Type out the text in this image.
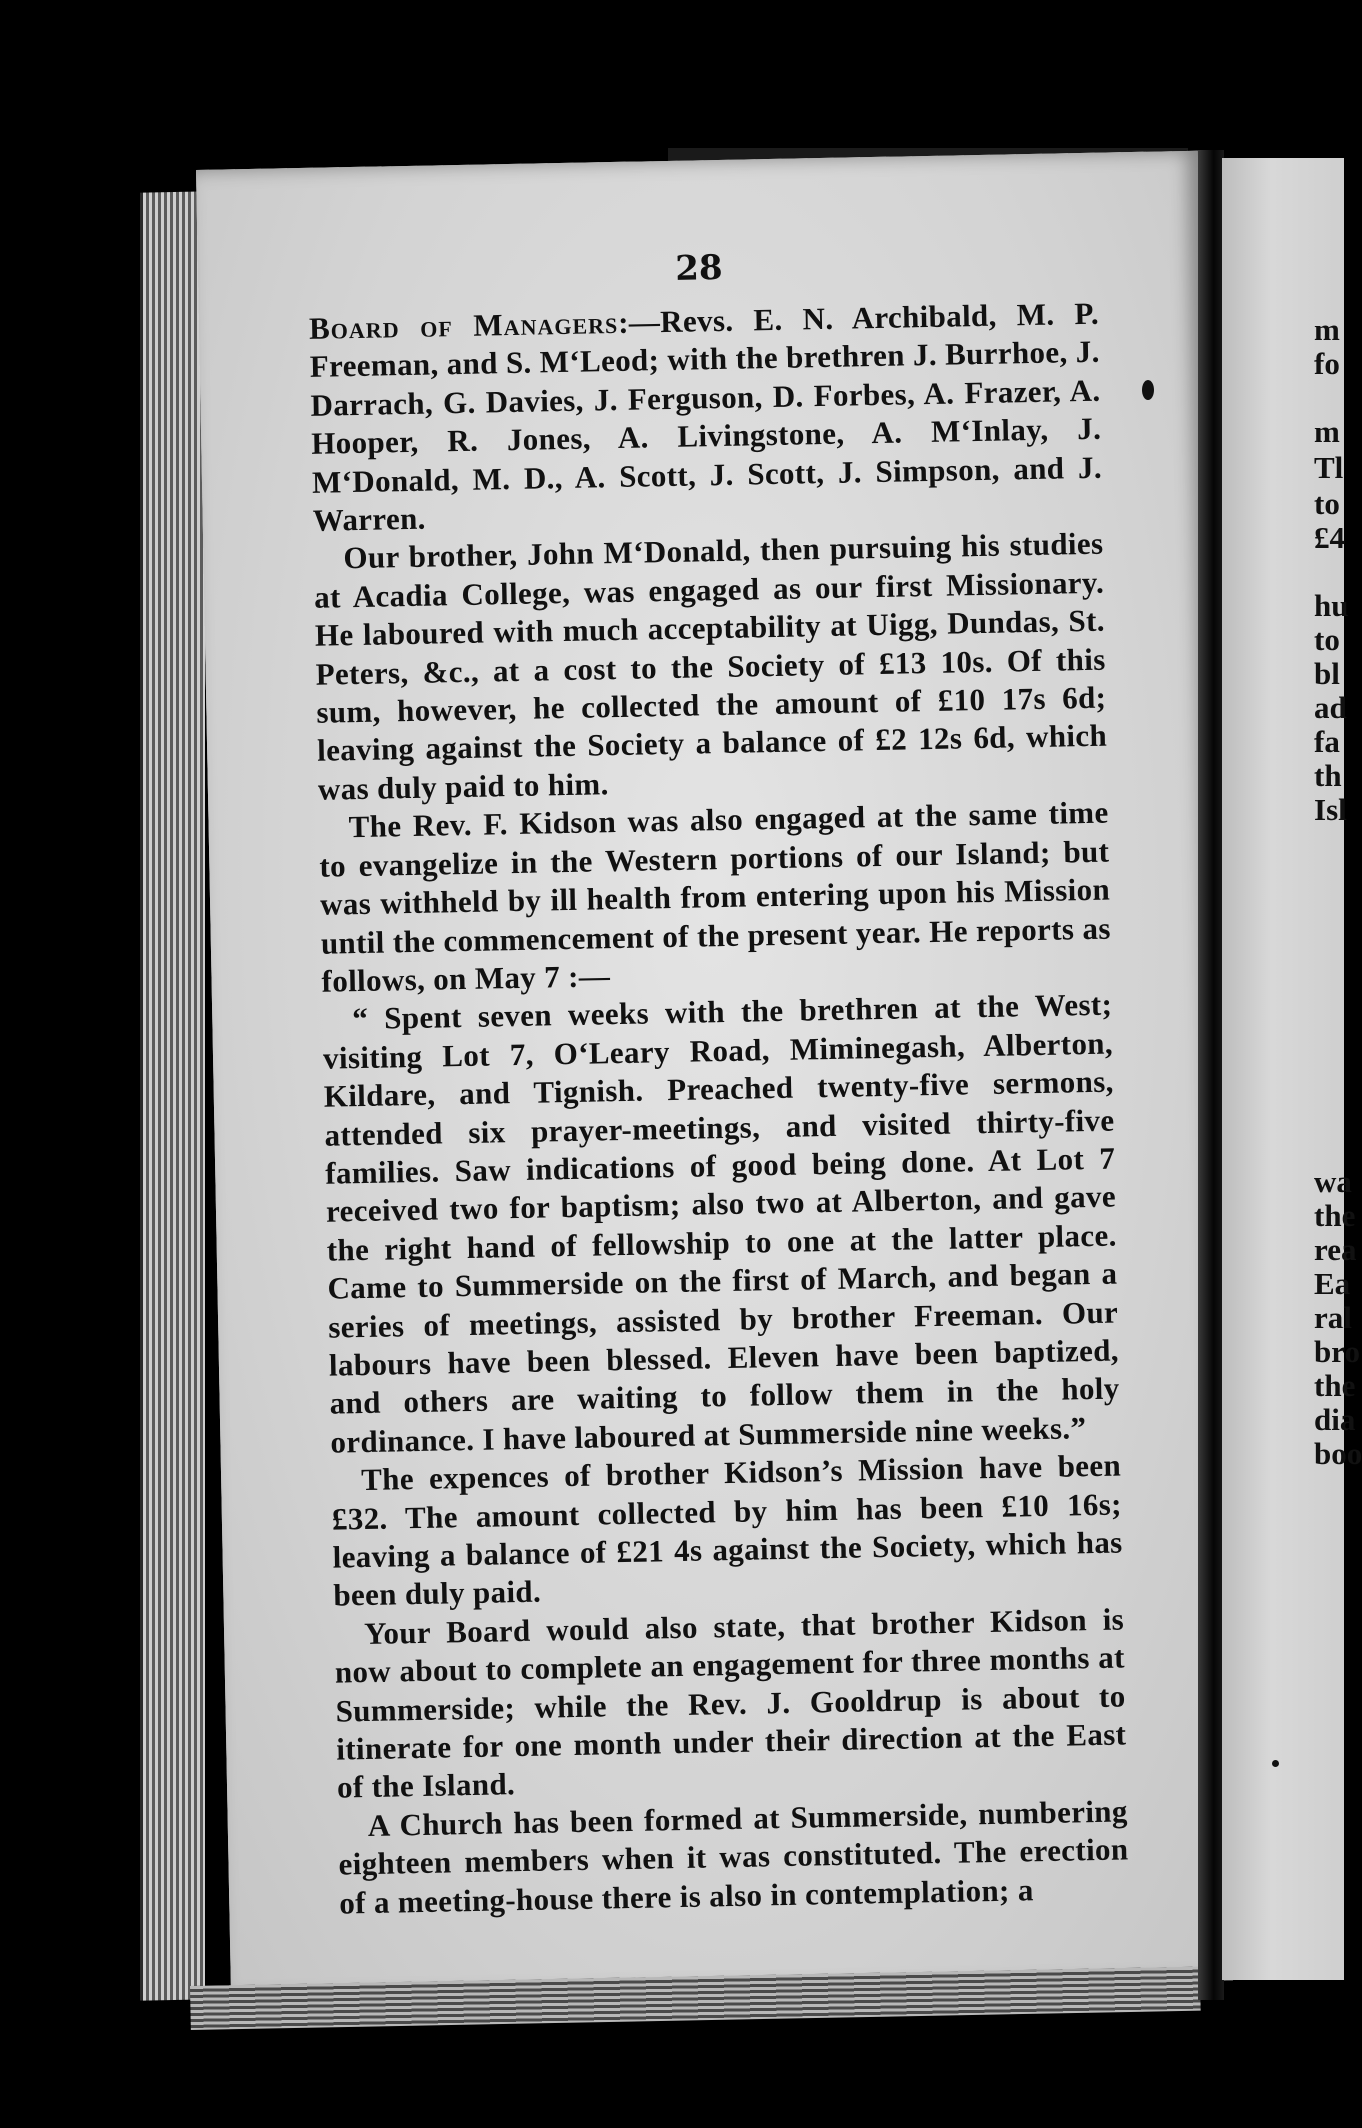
28

Board of Managers:—Revs. E. N. Archibald, M. P. Freeman, and S. M‘Leod; with the brethren J. Burrhoe, J. Darrach, G. Davies, J. Ferguson, D. Forbes, A. Frazer, A. Hooper, R. Jones, A. Livingstone, A. M‘Inlay, J. M‘Donald, M. D., A. Scott, J. Scott, J. Simpson, and J. Warren.

Our brother, John M‘Donald, then pursuing his studies at Acadia College, was engaged as our first Missionary. He laboured with much acceptability at Uigg, Dundas, St. Peters, &c., at a cost to the Society of £13 10s. Of this sum, however, he collected the amount of £10 17s 6d; leaving against the Society a balance of £2 12s 6d, which was duly paid to him.

The Rev. F. Kidson was also engaged at the same time to evangelize in the Western portions of our Island; but was withheld by ill health from entering upon his Mission until the commencement of the present year. He reports as follows, on May 7 :—

“ Spent seven weeks with the brethren at the West; visiting Lot 7, O‘Leary Road, Miminegash, Alberton, Kildare, and Tignish. Preached twenty-five sermons, attended six prayer-meetings, and visited thirty-five families. Saw indications of good being done. At Lot 7 received two for baptism; also two at Alberton, and gave the right hand of fellowship to one at the latter place. Came to Summerside on the first of March, and began a series of meetings, assisted by brother Freeman. Our labours have been blessed. Eleven have been baptized, and others are waiting to follow them in the holy ordinance. I have laboured at Summerside nine weeks.”

The expences of brother Kidson’s Mission have been £32. The amount collected by him has been £10 16s; leaving a balance of £21 4s against the Society, which has been duly paid.

Your Board would also state, that brother Kidson is now about to complete an engagement for three months at Summerside; while the Rev. J. Gooldrup is about to itinerate for one month under their direction at the East of the Island.

A Church has been formed at Summerside, numbering eighteen members when it was constituted. The erection of a meeting-house there is also in contemplation; a

m
fo
m
Tl
to
£4
hu
to
bl
ad
fa
th
Isl
wa
the
rea
Ea
ral
bro
the
dia
boo
